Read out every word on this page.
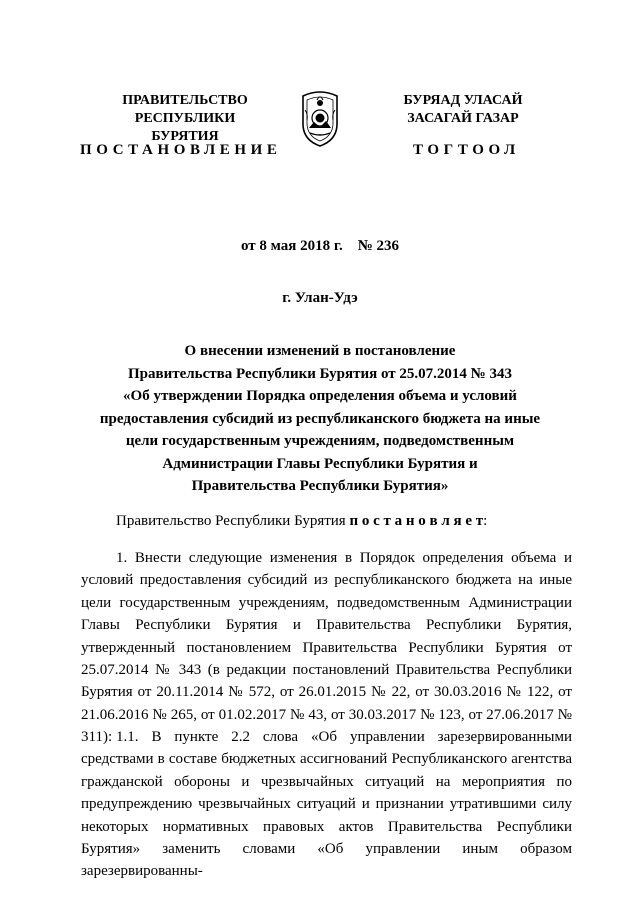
ПРАВИТЕЛЬСТВО
РЕСПУБЛИКИ БУРЯТИЯ
БУРЯАД УЛАСАЙ
ЗАСАГАЙ ГАЗАР
ПОСТАНОВЛЕНИЕ	ТОГТООЛ
от 8 мая 2018 г.    № 236
г. Улан-Удэ
О внесении изменений в постановление
Правительства Республики Бурятия от 25.07.2014 № 343
«Об утверждении Порядка определения объема и условий
предоставления субсидий из республиканского бюджета на иные
цели государственным учреждениям, подведомственным
Администрации Главы Республики Бурятия и
Правительства Республики Бурятия»
Правительство Республики Бурятия п о с т а н о в л я е т:
1. Внести следующие изменения в Порядок определения объема и условий предоставления субсидий из республиканского бюджета на иные цели государственным учреждениям, подведомственным Администрации Главы Республики Бурятия и Правительства Республики Бурятия, утвержденный постановлением Правительства Республики Бурятия от 25.07.2014 № 343 (в редакции постановлений Правительства Республики Бурятия от 20.11.2014 № 572, от 26.01.2015 № 22, от 30.03.2016 № 122, от 21.06.2016 № 265, от 01.02.2017 № 43, от 30.03.2017 № 123, от 27.06.2017 № 311): 1.1. В пункте 2.2 слова «Об управлении зарезервированными средствами в составе бюджетных ассигнований Республиканского агентства гражданской обороны и чрезвычайных ситуаций на мероприятия по предупреждению чрезвычайных ситуаций и признании утратившими силу некоторых нормативных правовых актов Правительства Республики Бурятия» заменить словами «Об управлении иным образом зарезервированны-
